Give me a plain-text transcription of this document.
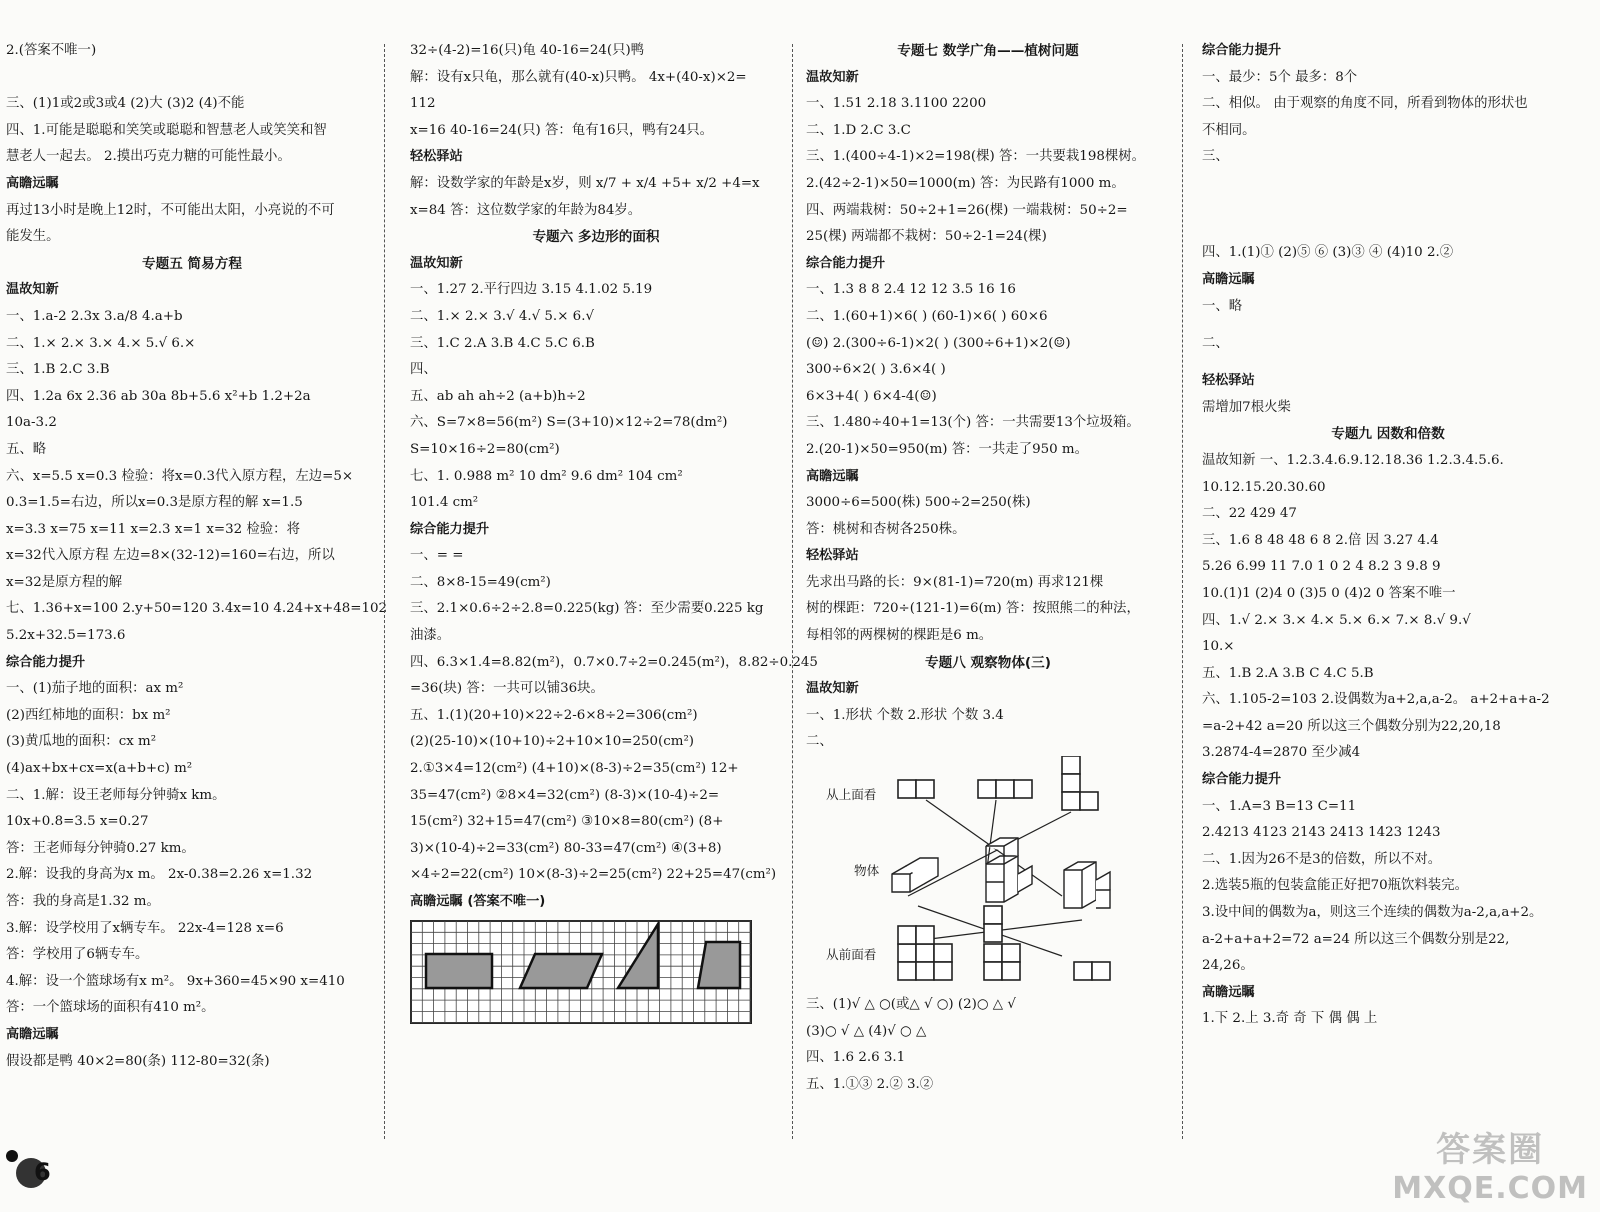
2.(答案不唯一)
三、(1)1或2或3或4 (2)大 (3)2 (4)不能
四、1.可能是聪聪和笑笑或聪聪和智慧老人或笑笑和智
慧老人一起去。 2.摸出巧克力糖的可能性最小。
高瞻远瞩
再过13小时是晚上12时，不可能出太阳，小亮说的不可
能发生。
专题五 简易方程
温故知新
一、1.a-2 2.3x 3.a/8 4.a+b
二、1.× 2.× 3.× 4.× 5.√ 6.×
三、1.B 2.C 3.B
四、1.2a 6x 2.36 ab 30a 8b+5.6 x²+b 1.2+2a
10a-3.2
五、略
六、x=5.5 x=0.3 检验：将x=0.3代入原方程，左边=5×
0.3=1.5=右边，所以x=0.3是原方程的解 x=1.5
x=3.3 x=75 x=11 x=2.3 x=1 x=32 检验：将
x=32代入原方程 左边=8×(32-12)=160=右边，所以
x=32是原方程的解
七、1.36+x=100 2.y+50=120 3.4x=10 4.24+x+48=102
5.2x+32.5=173.6
综合能力提升
一、(1)茄子地的面积：ax m²
(2)西红柿地的面积：bx m²
(3)黄瓜地的面积：cx m²
(4)ax+bx+cx=x(a+b+c) m²
二、1.解：设王老师每分钟骑x km。
10x+0.8=3.5 x=0.27
答：王老师每分钟骑0.27 km。
2.解：设我的身高为x m。 2x-0.38=2.26 x=1.32
答：我的身高是1.32 m。
3.解：设学校用了x辆专车。 22x-4=128 x=6
答：学校用了6辆专车。
4.解：设一个篮球场有x m²。 9x+360=45×90 x=410
答：一个篮球场的面积有410 m²。
高瞻远瞩
假设都是鸭 40×2=80(条) 112-80=32(条)
32÷(4-2)=16(只)龟 40-16=24(只)鸭
解：设有x只龟，那么就有(40-x)只鸭。 4x+(40-x)×2=
112
x=16 40-16=24(只) 答：龟有16只，鸭有24只。
轻松驿站
解：设数学家的年龄是x岁，则 x/7 + x/4 +5+ x/2 +4=x
x=84 答：这位数学家的年龄为84岁。
专题六 多边形的面积
温故知新
一、1.27 2.平行四边 3.15 4.1.02 5.19
二、1.× 2.× 3.√ 4.√ 5.× 6.√
三、1.C 2.A 3.B 4.C 5.C 6.B
四、
五、ab ah ah÷2 (a+b)h÷2
六、S=7×8=56(m²) S=(3+10)×12÷2=78(dm²)
S=10×16÷2=80(cm²)
七、1. 0.988 m² 10 dm² 9.6 dm² 104 cm²
101.4 cm²
综合能力提升
一、= =
二、8×8-15=49(cm²)
三、2.1×0.6÷2÷2.8=0.225(kg) 答：至少需要0.225 kg
油漆。
四、6.3×1.4=8.82(m²)，0.7×0.7÷2=0.245(m²)，8.82÷0.245
=36(块) 答：一共可以铺36块。
五、1.(1)(20+10)×22÷2-6×8÷2=306(cm²)
(2)(25-10)×(10+10)÷2+10×10=250(cm²)
2.①3×4=12(cm²) (4+10)×(8-3)÷2=35(cm²) 12+
35=47(cm²) ②8×4=32(cm²) (8-3)×(10-4)÷2=
15(cm²) 32+15=47(cm²) ③10×8=80(cm²) (8+
3)×(10-4)÷2=33(cm²) 80-33=47(cm²) ④(3+8)
×4÷2=22(cm²) 10×(8-3)÷2=25(cm²) 22+25=47(cm²)
高瞻远瞩 (答案不唯一)
专题七 数学广角——植树问题
温故知新
一、1.51 2.18 3.1100 2200
二、1.D 2.C 3.C
三、1.(400÷4-1)×2=198(棵) 答：一共要栽198棵树。
2.(42÷2-1)×50=1000(m) 答：为民路有1000 m。
四、两端栽树：50÷2+1=26(棵) 一端栽树：50÷2=
25(棵) 两端都不栽树：50÷2-1=24(棵)
综合能力提升
一、1.3 8 8 2.4 12 12 3.5 16 16
二、1.(60+1)×6( ) (60-1)×6( ) 60×6
(☺) 2.(300÷6-1)×2( ) (300÷6+1)×2(☺)
300÷6×2( ) 3.6×4( )
6×3+4( ) 6×4-4(☺)
三、1.480÷40+1=13(个) 答：一共需要13个垃圾箱。
2.(20-1)×50=950(m) 答：一共走了950 m。
高瞻远瞩
3000÷6=500(株) 500÷2=250(株)
答：桃树和杏树各250株。
轻松驿站
先求出马路的长：9×(81-1)=720(m) 再求121棵
树的棵距：720÷(121-1)=6(m) 答：按照熊二的种法，
每相邻的两棵树的棵距是6 m。
专题八 观察物体(三)
温故知新
一、1.形状 个数 2.形状 个数 3.4
二、
从上面看
物体
从前面看
三、(1)√ △ ○(或△ √ ○) (2)○ △ √
(3)○ √ △ (4)√ ○ △
四、1.6 2.6 3.1
五、1.①③ 2.② 3.②
综合能力提升
一、最少：5个 最多：8个
二、相似。 由于观察的角度不同，所看到物体的形状也
不相同。
三、
四、1.(1)① (2)⑤ ⑥ (3)③ ④ (4)10 2.②
高瞻远瞩
一、略
二、
轻松驿站
需增加7根火柴
专题九 因数和倍数
温故知新 一、1.2.3.4.6.9.12.18.36 1.2.3.4.5.6.
10.12.15.20.30.60
二、22 429 47
三、1.6 8 48 48 6 8 2.倍 因 3.27 4.4
5.26 6.99 11 7.0 1 0 2 4 8.2 3 9.8 9
10.(1)1 (2)4 0 (3)5 0 (4)2 0 答案不唯一
四、1.√ 2.× 3.× 4.× 5.× 6.× 7.× 8.√ 9.√
10.×
五、1.B 2.A 3.B C 4.C 5.B
六、1.105-2=103 2.设偶数为a+2,a,a-2。 a+2+a+a-2
=a-2+42 a=20 所以这三个偶数分别为22,20,18
3.2874-4=2870 至少减4
综合能力提升
一、1.A=3 B=13 C=11
2.4213 4123 2143 2413 1423 1243
二、1.因为26不是3的倍数，所以不对。
2.选装5瓶的包装盒能正好把70瓶饮料装完。
3.设中间的偶数为a，则这三个连续的偶数为a-2,a,a+2。
a-2+a+a+2=72 a=24 所以这三个偶数分别是22,
24,26。
高瞻远瞩
1.下 2.上 3.奇 奇 下 偶 偶 上
6
答案圈
MXQE.COM
